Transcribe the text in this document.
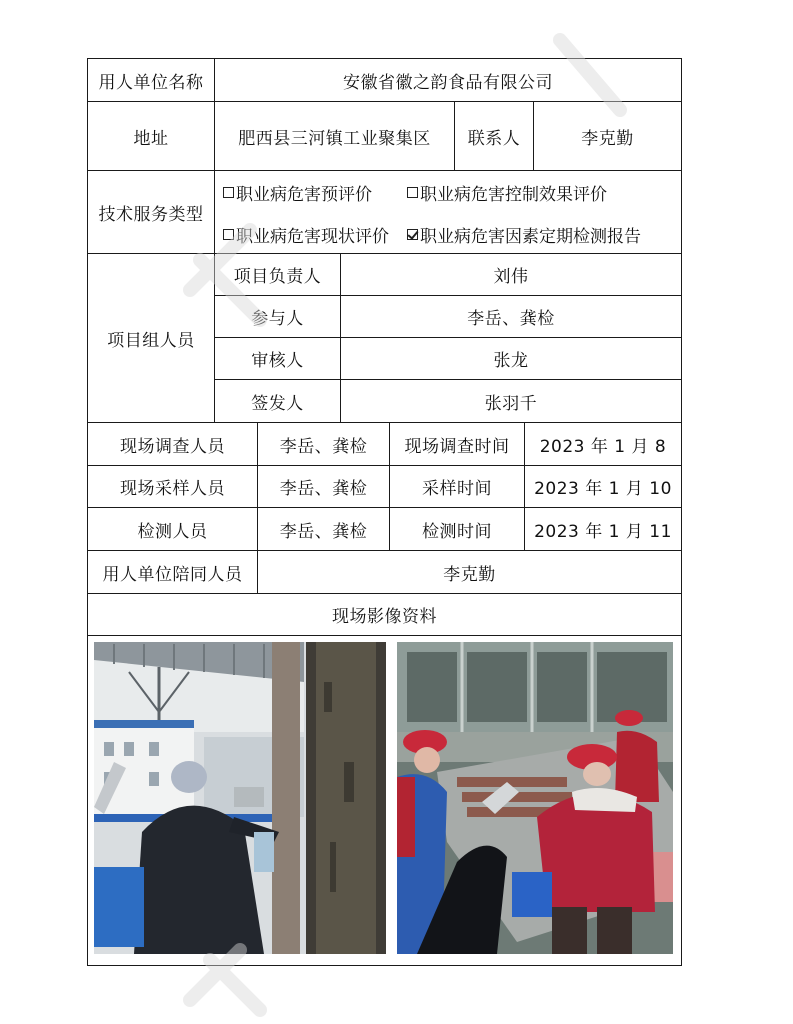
用人单位名称	安徽省徽之韵食品有限公司
地址	肥西县三河镇工业聚集区	联系人	李克勤
技术服务类型
职业病危害预评价	职业病危害控制效果评价
职业病危害现状评价 职业病危害因素定期检测报告
项目组人员
项目负责人	刘伟
参与人	李岳、龚检
审核人	张龙
签发人	张羽千
现场调查人员	李岳、龚检	现场调查时间	2023 年 1 月 8
现场采样人员	李岳、龚检	采样时间	2023 年 1 月 10
检测人员	李岳、龚检	检测时间	2023 年 1 月 11
用人单位陪同人员	李克勤
现场影像资料
